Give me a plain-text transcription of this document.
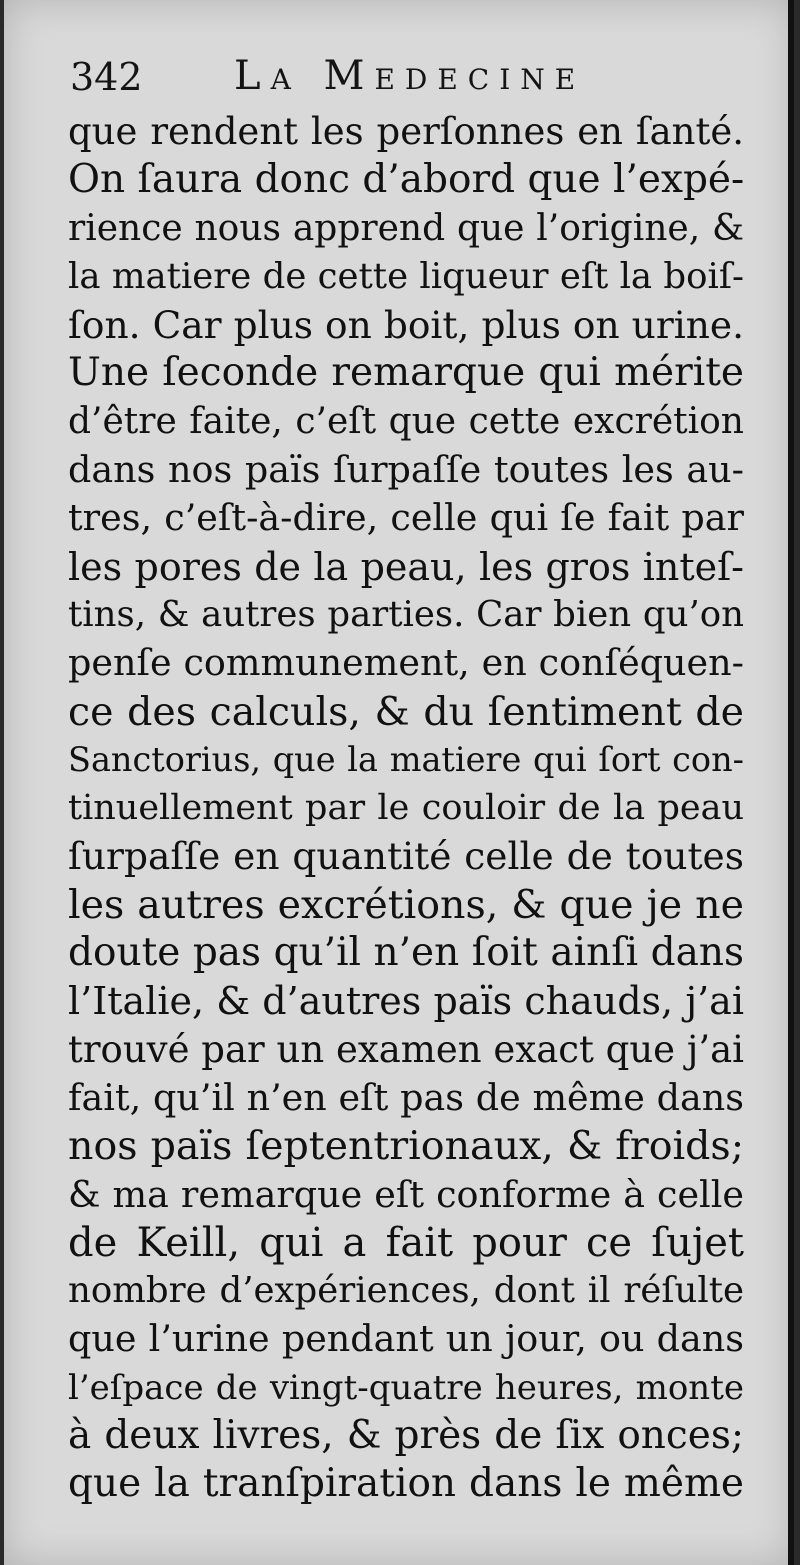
342 La Medecine
que rendent les perſonnes en ſanté.
On ſaura donc d’abord que l’expé-
rience nous apprend que l’origine, &
la matiere de cette liqueur eſt la boiſ-
ſon. Car plus on boit, plus on urine.
Une ſeconde remarque qui mérite
d’être faite, c’eſt que cette excrétion
dans nos païs ſurpaſſe toutes les au-
tres, c’eſt-à-dire, celle qui ſe fait par
les pores de la peau, les gros inteſ-
tins, & autres parties. Car bien qu’on
penſe communement, en conſéquen-
ce des calculs, & du ſentiment de
Sanctorius, que la matiere qui ſort con-
tinuellement par le couloir de la peau
ſurpaſſe en quantité celle de toutes
les autres excrétions, & que je ne
doute pas qu’il n’en ſoit ainſi dans
l’Italie, & d’autres païs chauds, j’ai
trouvé par un examen exact que j’ai
fait, qu’il n’en eſt pas de même dans
nos païs ſeptentrionaux, & froids;
& ma remarque eſt conforme à celle
de Keill, qui a fait pour ce ſujet
nombre d’expériences, dont il réſulte
que l’urine pendant un jour, ou dans
l’eſpace de vingt-quatre heures, monte
à deux livres, & près de ſix onces;
que la tranſpiration dans le même
